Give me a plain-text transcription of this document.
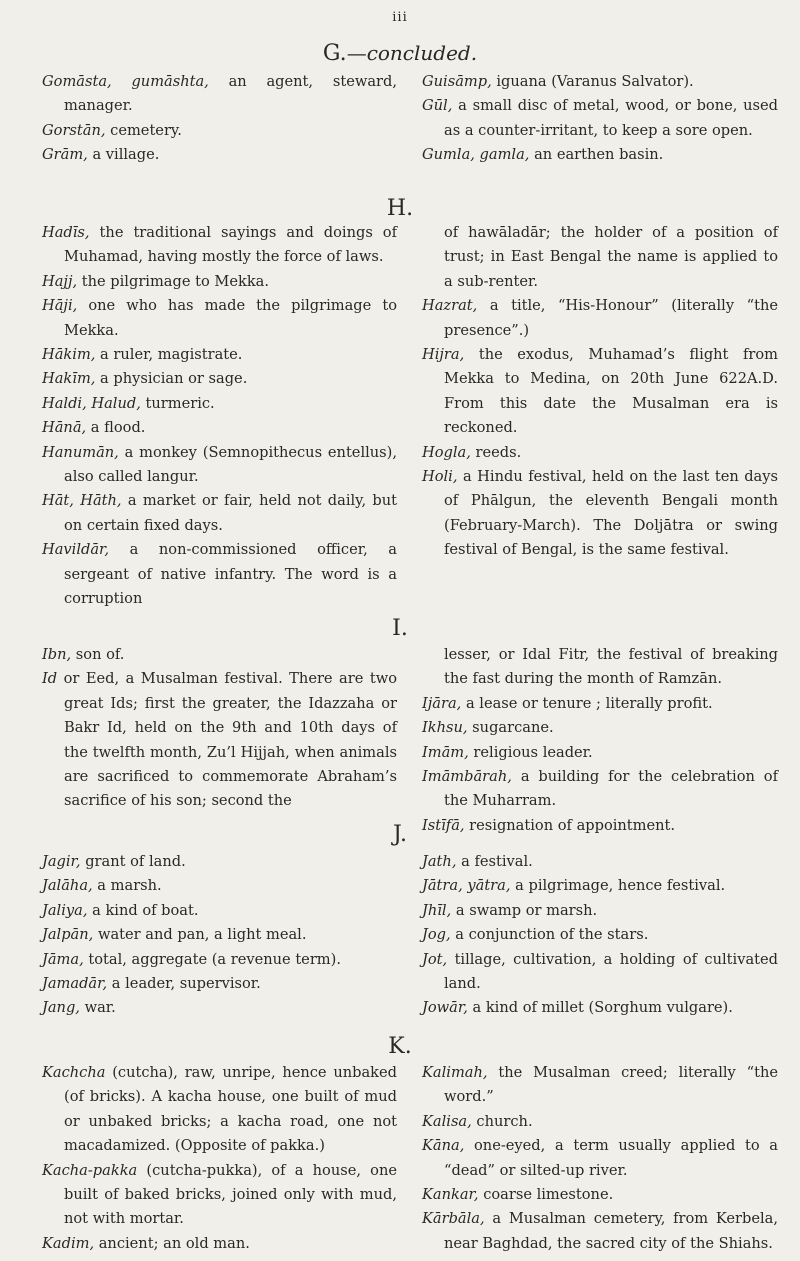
iii
G.—concluded.

Gomāsta, gumāshta, an agent, steward, manager.

Gorstān, cemetery.

Grām, a village.

Guisāmp, iguana (Varanus Salvator).

Gūl, a small disc of metal, wood, or bone, used as a counter-irritant, to keep a sore open.

Gumla, gamla, an earthen basin.

H.

Hadīs, the traditional sayings and doings of Muhamad, having mostly the force of laws.

Hajj, the pilgrimage to Mekka.

Hāji, one who has made the pilgrimage to Mekka.

Hākim, a ruler, magistrate.

Hakīm, a physician or sage.

Haldi, Halud, turmeric.

Hānā, a flood.

Hanumān, a monkey (Semnopithecus entellus), also called langur.

Hāt, Hāth, a market or fair, held not daily, but on certain fixed days.

Havildār, a non-commissioned officer, a sergeant of native infantry. The word is a corruption

of hawāladār; the holder of a position of trust; in East Bengal the name is applied to a sub-renter.

Hazrat, a title, “His-Honour” (literally “the presence”.)

Hijra, the exodus, Muhamad’s flight from Mekka to Medina, on 20th June 622A.D. From this date the Musalman era is reckoned.

Hogla, reeds.

Holi, a Hindu festival, held on the last ten days of Phālgun, the eleventh Bengali month (February-March). The Doljātra or swing festival of Bengal, is the same festival.

I.

Ibn, son of.

Id or Eed, a Musalman festival. There are two great Ids; first the greater, the Idazzaha or Bakr Id, held on the 9th and 10th days of the twelfth month, Zu’l Hijjah, when animals are sacrificed to commemorate Abraham’s sacrifice of his son; second the

lesser, or Idal Fitr, the festival of breaking the fast during the month of Ramzān.

Ijāra, a lease or tenure ; literally profit.

Ikhsu, sugarcane.

Imām, religious leader.

Imāmbārah, a building for the celebration of the Muharram.

Istīfā, resignation of appointment.

J.

Jagir, grant of land.

Jalāha, a marsh.

Jaliya, a kind of boat.

Jalpān, water and pan, a light meal.

Jāma, total, aggregate (a revenue term).

Jamadār, a leader, supervisor.

Jang, war.

Jath, a festival.

Jātra, yātra, a pilgrimage, hence festival.

Jhīl, a swamp or marsh.

Jog, a conjunction of the stars.

Jot, tillage, cultivation, a holding of cultivated land.

Jowār, a kind of millet (Sorghum vulgare).

K.

Kachcha (cutcha), raw, unripe, hence unbaked (of bricks). A kacha house, one built of mud or unbaked bricks; a kacha road, one not macadamized. (Opposite of pakka.)

Kacha-pakka (cutcha-pukka), of a house, one built of baked bricks, joined only with mud, not with mortar.

Kadim, ancient; an old man.

Kalimah, the Musalman creed; literally “the word.”

Kalisa, church.

Kāna, one-eyed, a term usually applied to a “dead” or silted-up river.

Kankar, coarse limestone.

Kārbāla, a Musalman cemetery, from Kerbela, near Baghdad, the sacred city of the Shiahs.
